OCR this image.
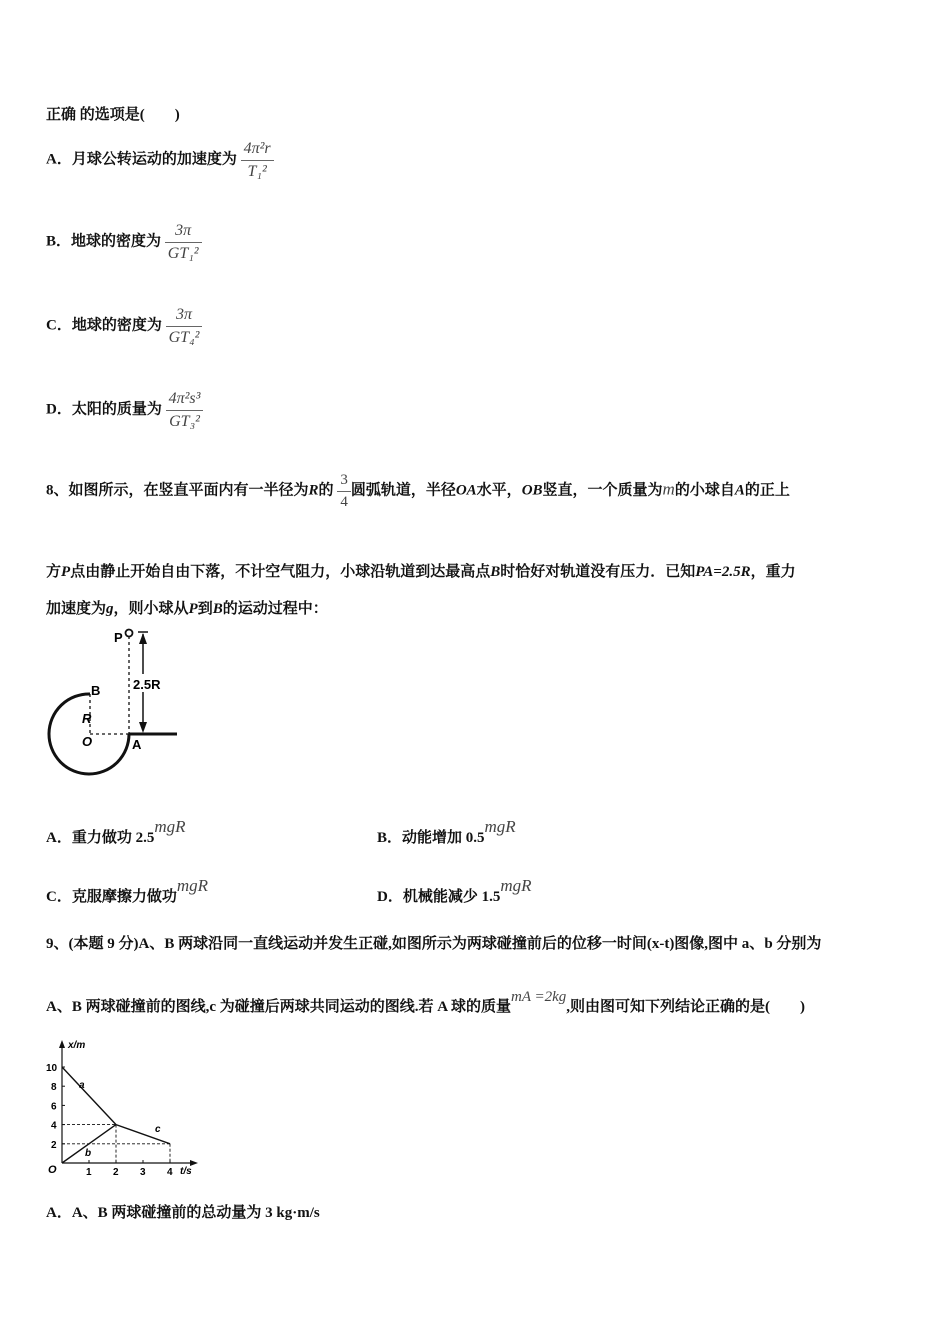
正确 的选项是(　　)
A．月球公转运动的加速度为 $\frac{\text{4π²r}}{\text{T₁²}}$
B．地球的密度为 $\frac{3\pi}{\text{GT₁²}}$
C．地球的密度为 $\frac{3\pi}{\text{GT₄²}}$
D．太阳的质量为 $\frac{\text{4π²s³}}{\text{GT₃²}}$
8、如图所示，在竖直平面内有一半径为R的 $\frac{3}{4}$ 圆弧轨道，半径OA水平，OB竖直，一个质量为m的小球自A的正上
方P点由静止开始自由下落，不计空气阻力，小球沿轨道到达最高点B时恰好对轨道没有压力．已知PA=2.5R，重力
加速度为g，则小球从P到B的运动过程中：
P
B
R
O	A
2.5R
A．重力做功 2.5mgR
B．动能增加 0.5mgR
C．克服摩擦力做功mgR
D．机械能减少 1.5mgR
9、(本题 9 分)A、B 两球沿同一直线运动并发生正碰,如图所示为两球碰撞前后的位移一时间(x-t)图像,图中 a、b 分别为
A、B 两球碰撞前的图线,c 为碰撞后两球共同运动的图线.若 A 球的质量mA =2kg,则由图可知下列结论正确的是(　　)
x/m
t/s
O	1 2 3 4
2
4
6
8
10
a
b
c
A．A、B 两球碰撞前的总动量为 3 kg·m/s
